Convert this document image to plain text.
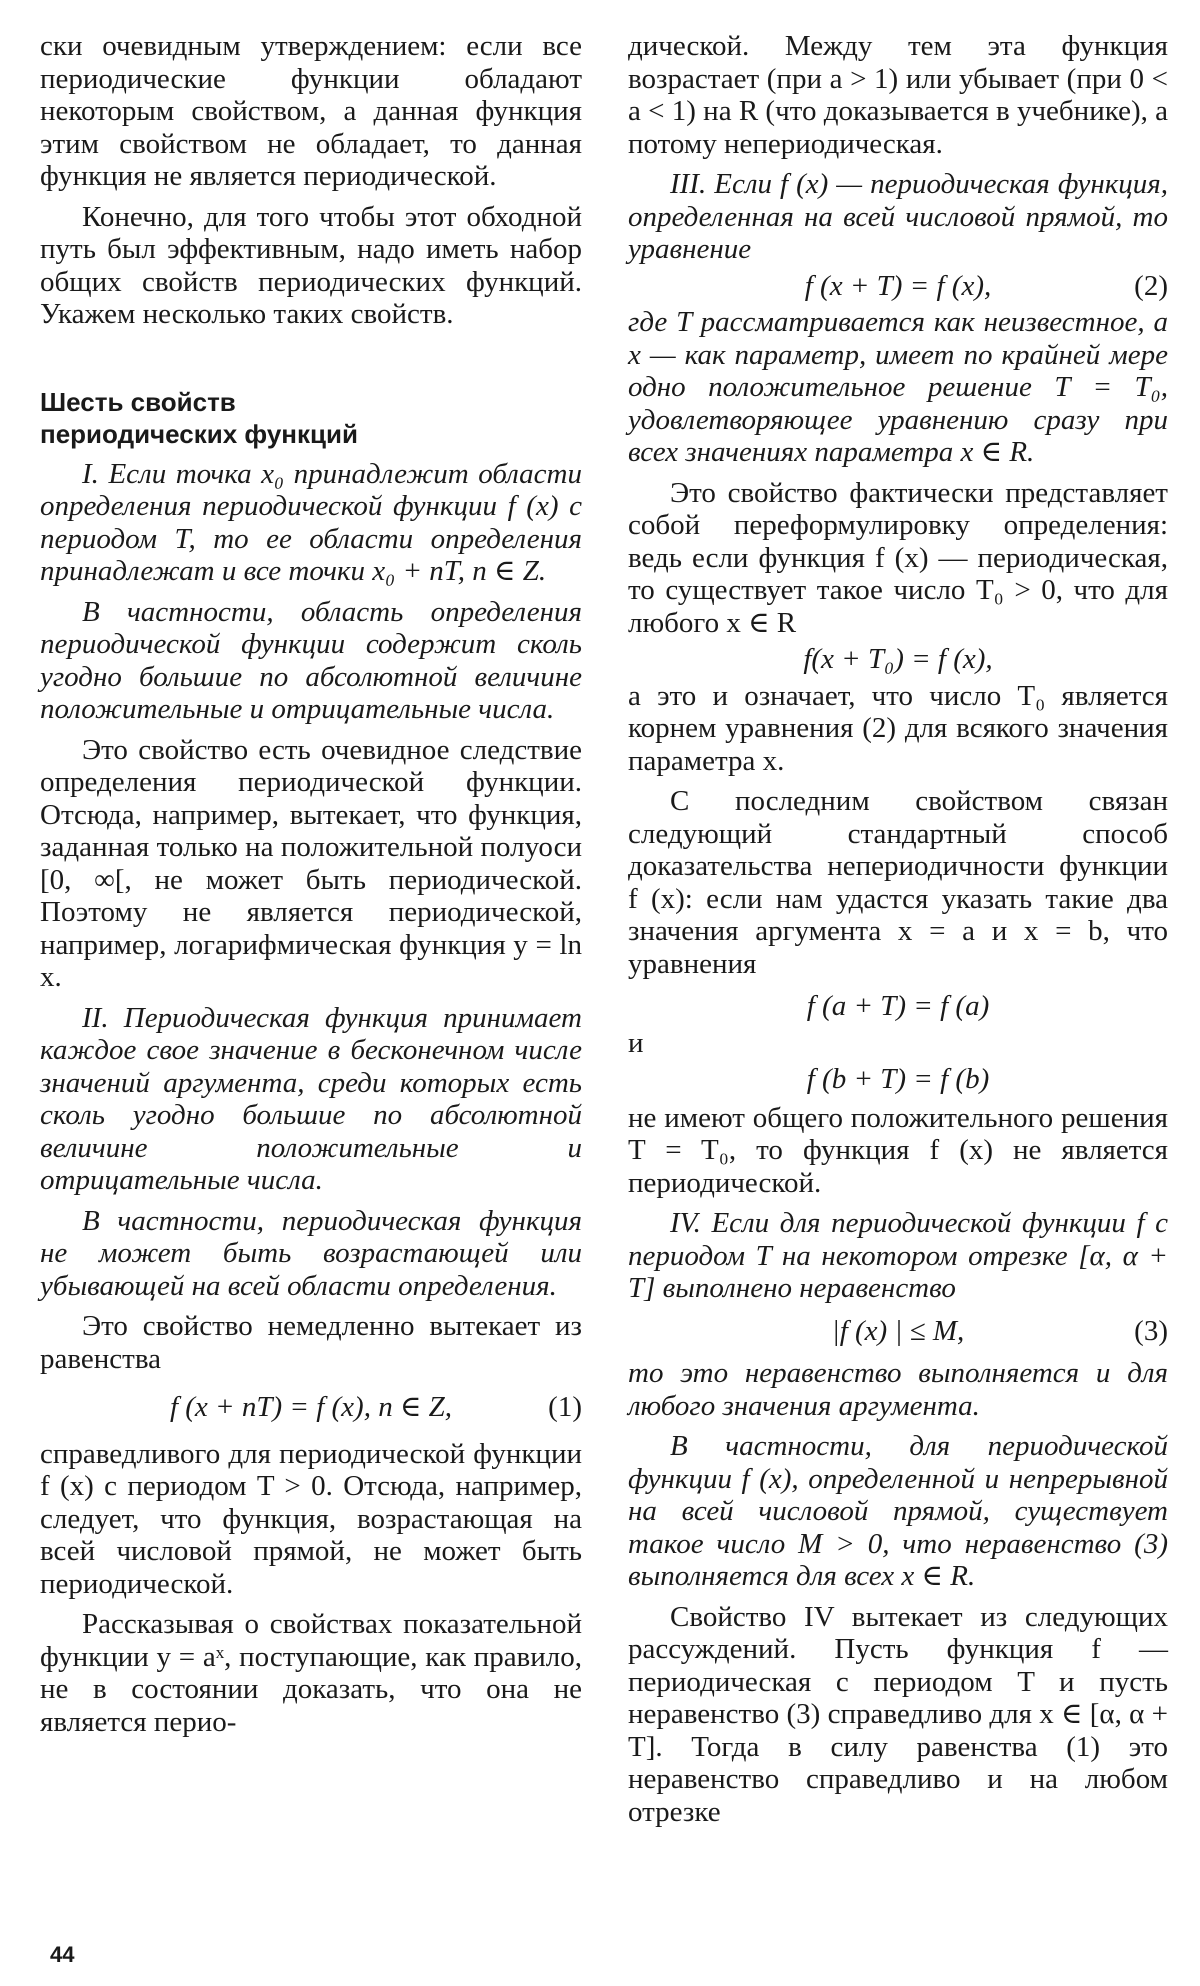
ски очевидным утверждением: если все периодические функции обладают некоторым свойством, а данная функция этим свойством не обладает, то данная функция не является периодической.

Конечно, для того чтобы этот обходной путь был эффективным, надо иметь набор общих свойств периодических функций. Укажем несколько таких свойств.

Шесть свойств
периодических функций

I. Если точка x₀ принадлежит области определения периодической функции f (x) с периодом T, то ее области определения принадлежат и все точки x₀ + nT, n ∈ Z.

В частности, область определения периодической функции содержит сколь угодно большие по абсолютной величине положительные и отрицательные числа.

Это свойство есть очевидное следствие определения периодической функции. Отсюда, например, вытекает, что функция, заданная только на положительной полуоси [0, ∞[, не может быть периодической. Поэтому не является периодической, например, логарифмическая функция y = ln x.

II. Периодическая функция принимает каждое свое значение в бесконечном числе значений аргумента, среди которых есть сколь угодно большие по абсолютной величине положительные и отрицательные числа.

В частности, периодическая функция не может быть возрастающей или убывающей на всей области определения.

Это свойство немедленно вытекает из равенства

f (x + nT) = f (x), n ∈ Z,	(1)

справедливого для периодической функции f (x) с периодом T > 0. Отсюда, например, следует, что функция, возрастающая на всей числовой прямой, не может быть периодической.

Рассказывая о свойствах показательной функции y = aˣ, поступающие, как правило, не в состоянии доказать, что она не является перио-

дической. Между тем эта функция возрастает (при a > 1) или убывает (при 0 < a < 1) на R (что доказывается в учебнике), а потому непериодическая.

III. Если f (x) — периодическая функция, определенная на всей числовой прямой, то уравнение

f (x + T) = f (x),	(2)

где T рассматривается как неизвестное, а x — как параметр, имеет по крайней мере одно положительное решение T = T₀, удовлетворяющее уравнению сразу при всех значениях параметра x ∈ R.

Это свойство фактически представляет собой переформулировку определения: ведь если функция f (x) — периодическая, то существует такое число T₀ > 0, что для любого x ∈ R

f(x + T₀) = f (x),

а это и означает, что число T₀ является корнем уравнения (2) для всякого значения параметра x.

С последним свойством связан следующий стандартный способ доказательства непериодичности функции f (x): если нам удастся указать такие два значения аргумента x = a и x = b, что уравнения

f (a + T) = f (a)

и

f (b + T) = f (b)

не имеют общего положительного решения T = T₀, то функция f (x) не является периодической.

IV. Если для периодической функции f с периодом T на некотором отрезке [α, α + T] выполнено неравенство

|f (x) | ≤ M,	(3)

то это неравенство выполняется и для любого значения аргумента.

В частности, для периодической функции f (x), определенной и непрерывной на всей числовой прямой, существует такое число M > 0, что неравенство (3) выполняется для всех x ∈ R.

Свойство IV вытекает из следующих рассуждений. Пусть функция f — периодическая с периодом T и пусть неравенство (3) справедливо для x ∈ [α, α + T]. Тогда в силу равенства (1) это неравенство справедливо и на любом отрезке

44
